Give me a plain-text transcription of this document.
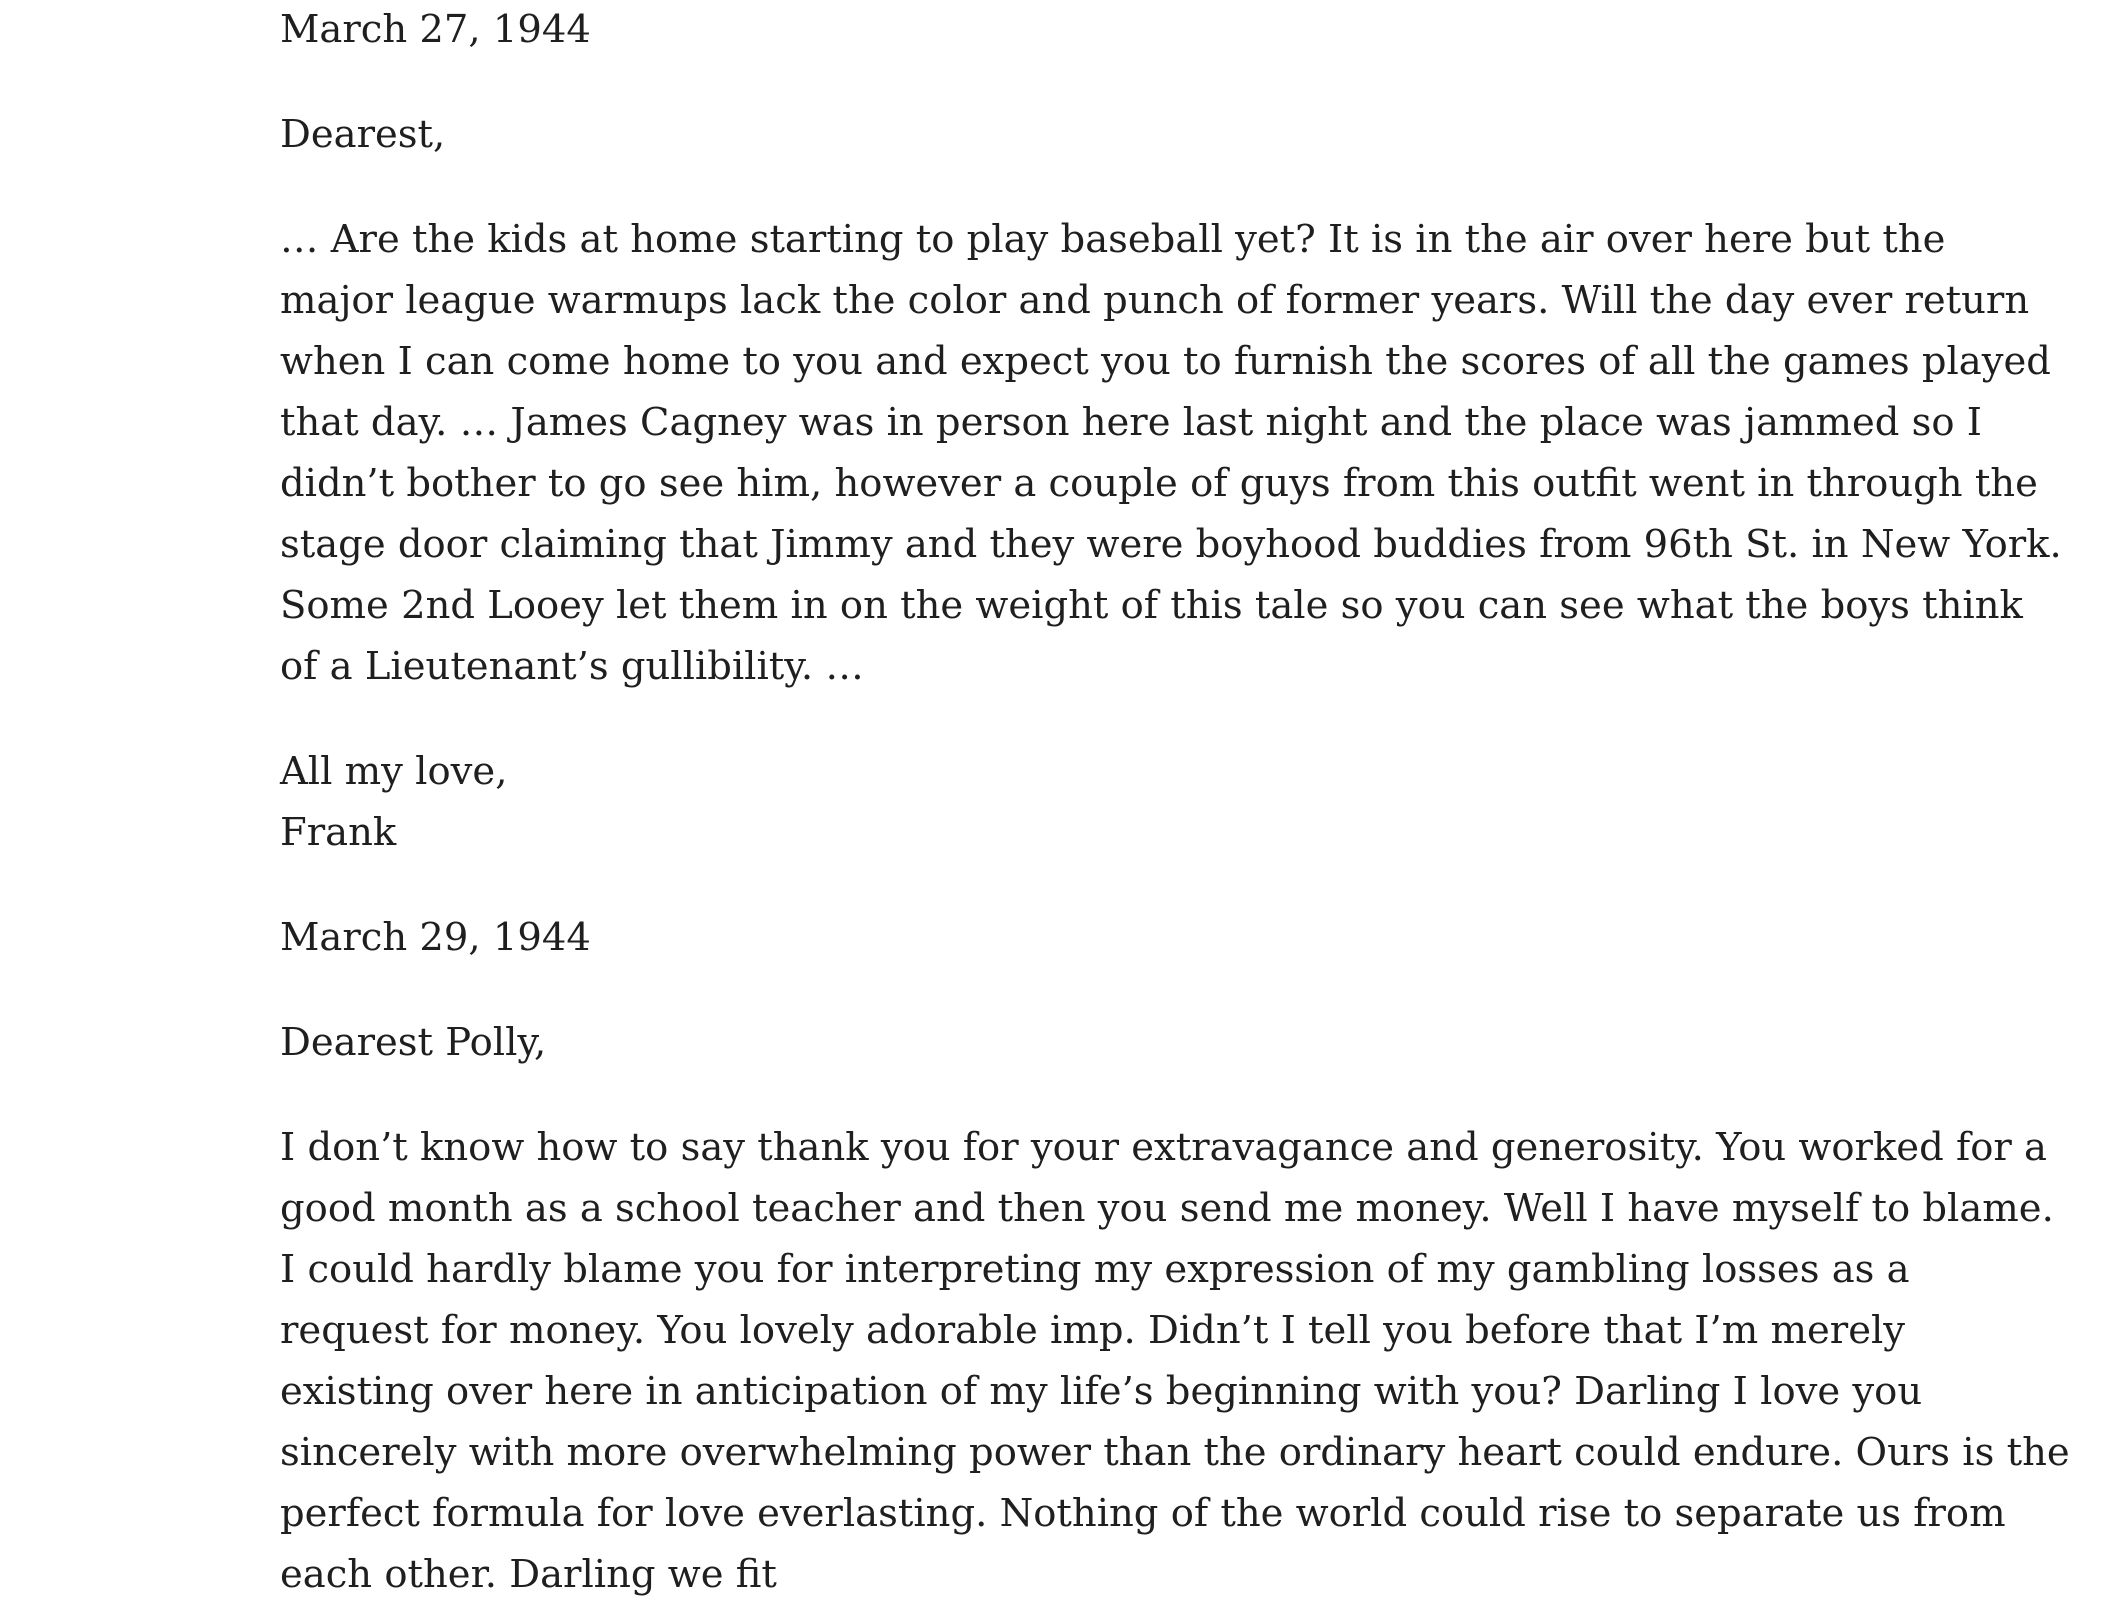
March 27, 1944

Dearest,

… Are the kids at home starting to play baseball yet? It is in the air over here but the major league warmups lack the color and punch of former years. Will the day ever return when I can come home to you and expect you to furnish the scores of all the games played that day. … James Cagney was in person here last night and the place was jammed so I didn’t bother to go see him, however a couple of guys from this outfit went in through the stage door claiming that Jimmy and they were boyhood buddies from 96th St. in New York. Some 2nd Looey let them in on the weight of this tale so you can see what the boys think of a Lieutenant’s gullibility. …

All my love,
Frank

March 29, 1944

Dearest Polly,

I don’t know how to say thank you for your extravagance and generosity. You worked for a good month as a school teacher and then you send me money. Well I have myself to blame. I could hardly blame you for interpreting my expression of my gambling losses as a request for money. You lovely adorable imp. Didn’t I tell you before that I’m merely existing over here in anticipation of my life’s beginning with you? Darling I love you sincerely with more overwhelming power than the ordinary heart could endure. Ours is the perfect formula for love everlasting. Nothing of the world could rise to separate us from each other. Darling we fit
